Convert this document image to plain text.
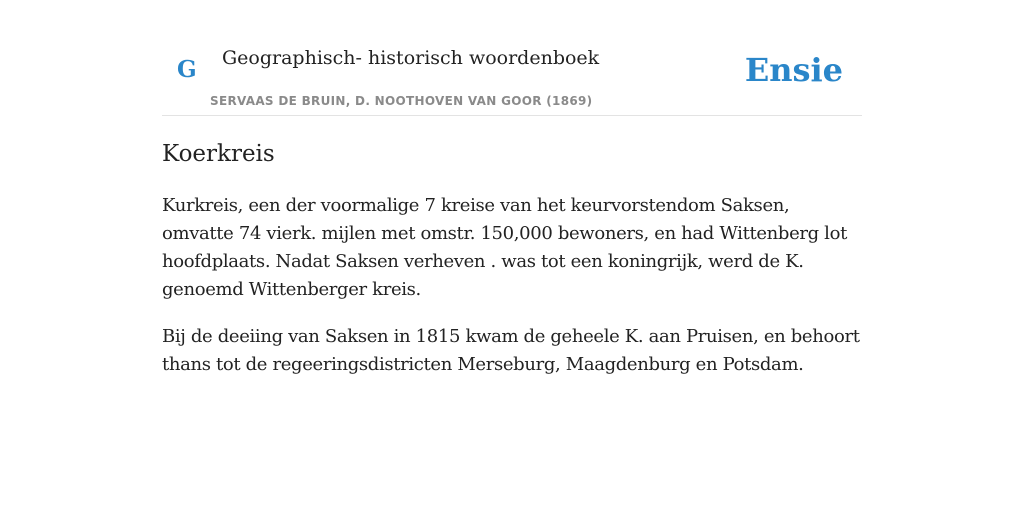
G Geographisch- historisch woordenboek
SERVAAS DE BRUIN, D. NOOTHOVEN VAN GOOR (1869)
Ensie
Koerkreis

Kurkreis, een der voormalige 7 kreise van het keurvorstendom Saksen, omvatte 74 vierk. mijlen met omstr. 150,000 bewoners, en had Wittenberg lot hoofdplaats. Nadat Saksen verheven . was tot een koningrijk, werd de K. genoemd Wittenberger kreis.

Bij de deeiing van Saksen in 1815 kwam de geheele K. aan Pruisen, en behoort thans tot de regeeringsdistricten Merseburg, Maagdenburg en Potsdam.
